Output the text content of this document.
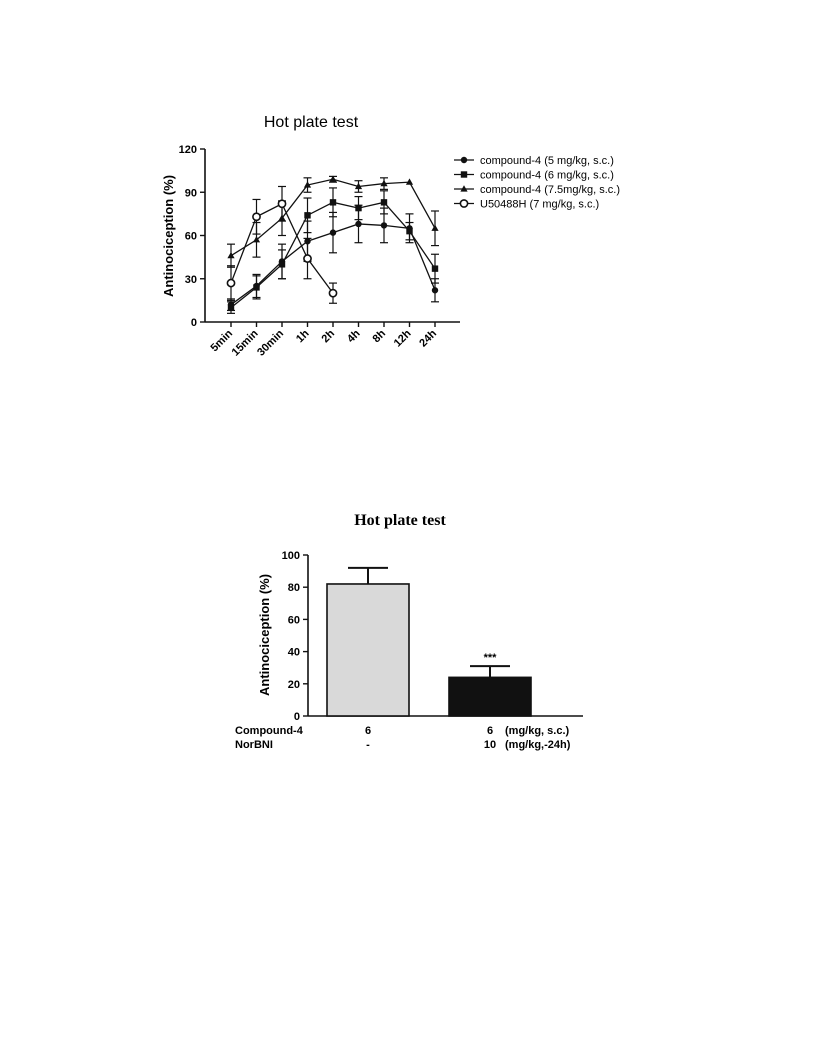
Hot plate test
Antinociception (%)
0
30
60
90
120
5min
15min
30min 1h 2h 4h 8h 12h 24h
compound-4 (5 mg/kg, s.c.)
compound-4 (6 mg/kg, s.c.)
compound-4 (7.5mg/kg, s.c.)
U50488H (7 mg/kg, s.c.)
Hot plate test
Antinociception (%)
0
20
40
60
80
100
***
Compound-4	6	6 (mg/kg, s.c.)
NorBNI	-	10 (mg/kg,-24h)
